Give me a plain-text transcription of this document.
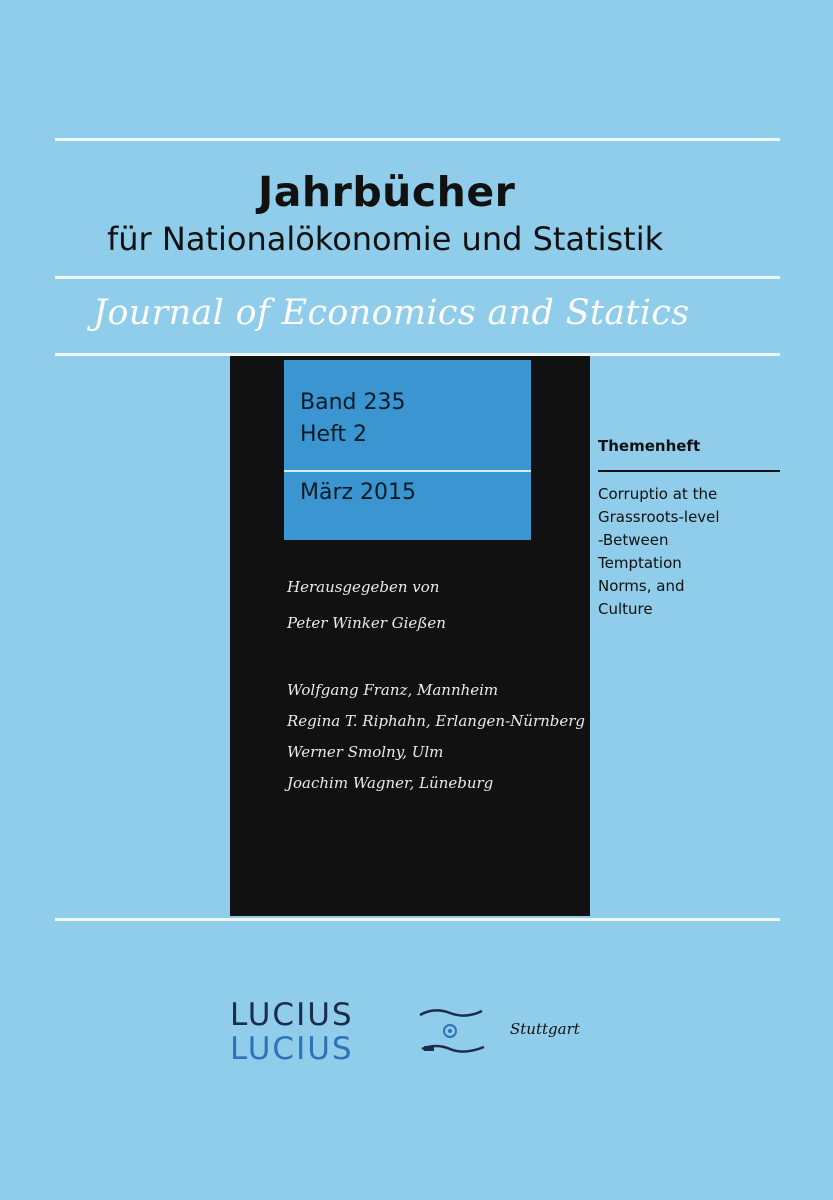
Jahrbücher
für Nationalökonomie und Statistik
Journal of Economics and Statics
Band 235
Heft 2
März 2015
Herausgegeben von
Peter Winker Gießen
Wolfgang Franz, Mannheim
Regina T. Riphahn, Erlangen-Nürnberg
Werner Smolny, Ulm
Joachim Wagner, Lüneburg
Themenheft
Corruptio at the
Grassroots-level
-Between
Temptation
Norms, and
Culture
LUCIUS
LUCIUS
Stuttgart
